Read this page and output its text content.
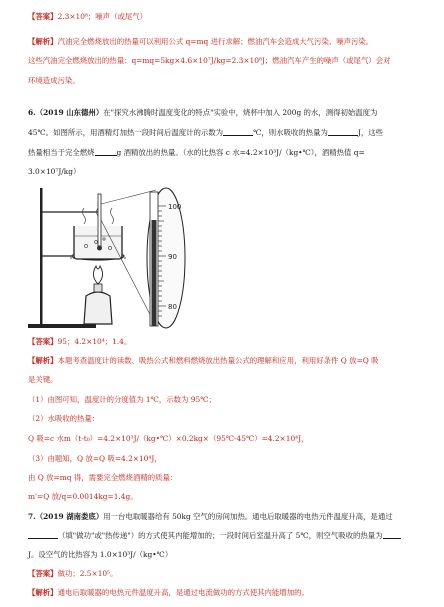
【答案】2.3×10⁸；噪声（或尾气）
【解析】汽油完全燃烧放出的热量可以利用公式 q=mq 进行求解；燃油汽车会造成大气污染、噪声污染。
这些汽油完全燃烧放出的热量：q=mq=5kg×4.6×10⁷J/kg=2.3×10⁸J；燃油汽车产生的噪声（或尾气）会对
环境造成污染。
6.（2019 山东德州）在"探究水沸腾时温度变化的特点"实验中，烧杯中加入 200g 的水，测得初始温度为
45℃。如图所示，用酒精灯加热一段时间后温度计的示数为	℃，则水吸收的热量为	J，这些
热量相当于完全燃烧	g 酒精放出的热量。（水的比热容 c 水=4.2×10³J/（kg•℃），酒精热值 q=
3.0×10⁷J/kg）
100
90
80
【答案】95；4.2×10⁴；1.4。
【解析】本题考查温度计的读数、吸热公式和燃料燃烧放出热量公式的理解和应用，利用好条件 Q 放=Q 吸
是关键。
（1）由图可知，温度计的分度值为 1℃，示数为 95℃；
（2）水吸收的热量：
Q 吸=c 水m（t-t₀）=4.2×10³J/（kg•℃）×0.2kg×（95℃-45℃）=4.2×10⁴J，
（3）由题知，Q 放=Q 吸=4.2×10⁴J，
由 Q 放=mq 得，需要完全燃烧酒精的质量：
m'=Q 放/q=0.0014kg=1.4g。
7.（2019 湖南娄底）用一台电取暖器给有 50kg 空气的房间加热。通电后取暖器的电热元件温度升高，是通过
（填"做功"或"热传递"）的方式使其内能增加的；一段时间后室温升高了 5℃，则空气吸收的热量为
J。设空气的比热容为 1.0×10³J/（kg•℃）
【答案】做功；2.5×10⁵。
【解析】通电后取暖器的电热元件温度升高，是通过电流做功的方式使其内能增加的。
